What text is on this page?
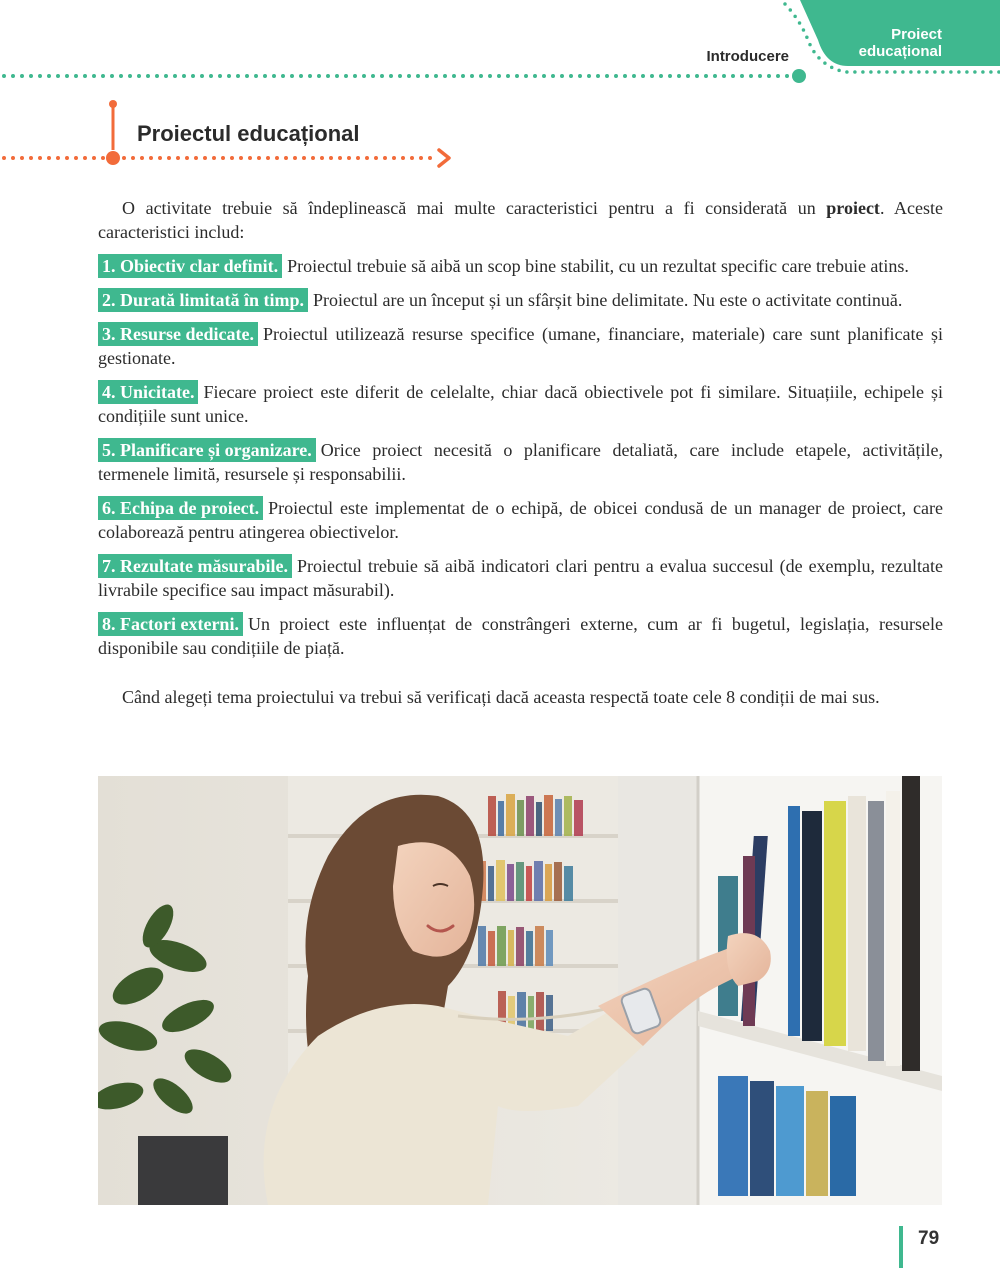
Introducere
Proiect
educațional
Proiectul educațional

O activitate trebuie să îndeplinească mai multe caracteristici pentru a fi considerată un proiect. Aceste caracteristici includ:

1. Obiectiv clar definit. Proiectul trebuie să aibă un scop bine stabilit, cu un rezultat specific care trebuie atins.

2. Durată limitată în timp. Proiectul are un început și un sfârșit bine delimitate. Nu este o activitate continuă.

3. Resurse dedicate. Proiectul utilizează resurse specifice (umane, financiare, materiale) care sunt planificate și gestionate.

4. Unicitate. Fiecare proiect este diferit de celelalte, chiar dacă obiectivele pot fi similare. Situațiile, echipele și condițiile sunt unice.

5. Planificare și organizare. Orice proiect necesită o planificare detaliată, care include etapele, activitățile, termenele limită, resursele și responsabilii.

6. Echipa de proiect. Proiectul este implementat de o echipă, de obicei condusă de un manager de proiect, care colaborează pentru atingerea obiectivelor.

7. Rezultate măsurabile. Proiectul trebuie să aibă indicatori clari pentru a evalua succesul (de exemplu, rezultate livrabile specifice sau impact măsurabil).

8. Factori externi. Un proiect este influențat de constrângeri externe, cum ar fi bugetul, legislația, resursele disponibile sau condițiile de piață.

Când alegeți tema proiectului va trebui să verificați dacă aceasta respectă toate cele 8 condiții de mai sus.

79
